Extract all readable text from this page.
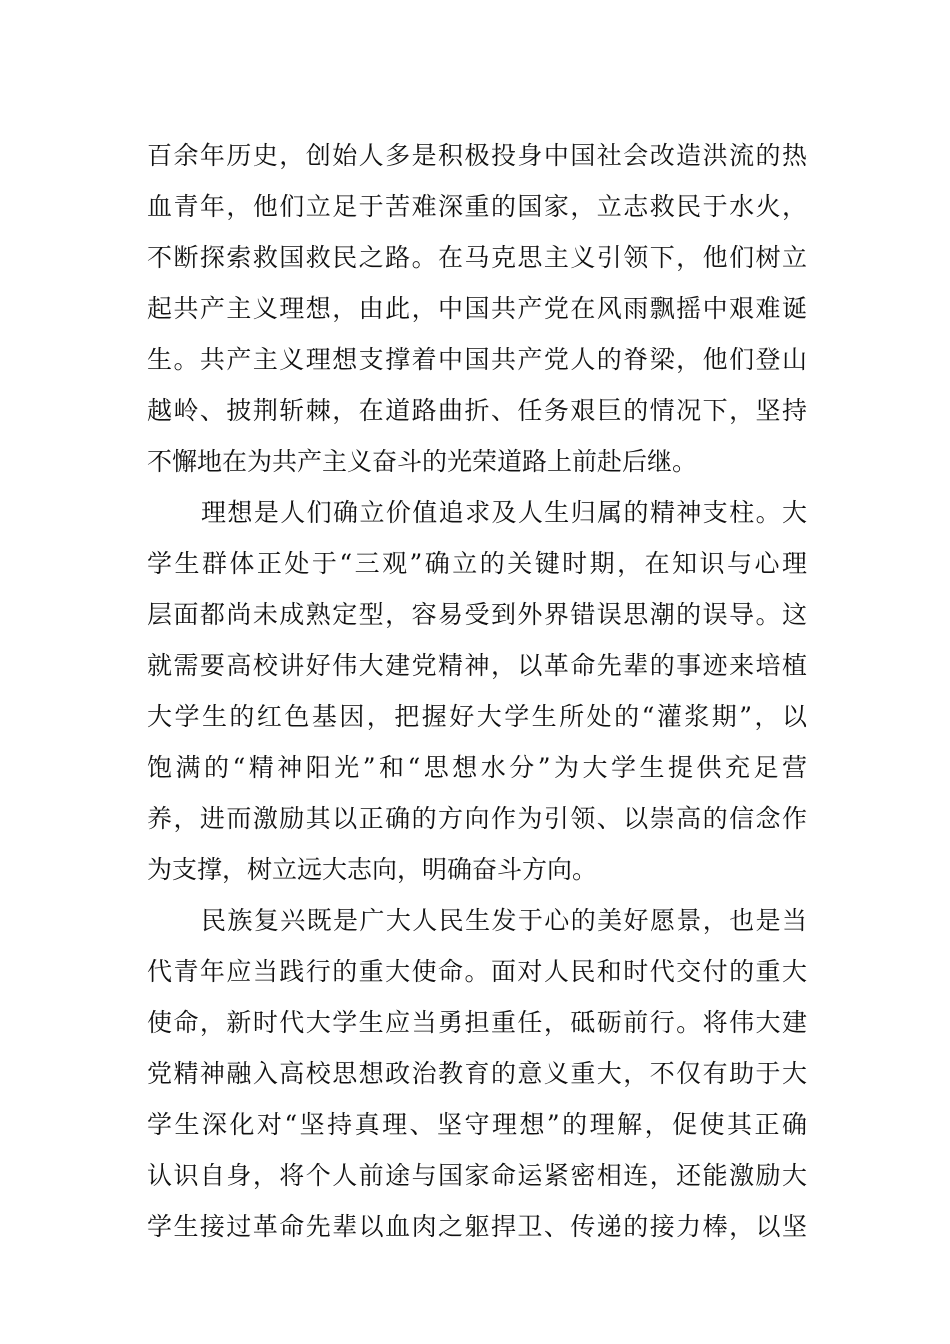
百余年历史，创始人多是积极投身中国社会改造洪流的热
血青年，他们立足于苦难深重的国家，立志救民于水火，
不断探索救国救民之路。在马克思主义引领下，他们树立
起共产主义理想，由此，中国共产党在风雨飘摇中艰难诞
生。共产主义理想支撑着中国共产党人的脊梁，他们登山
越岭、披荆斩棘，在道路曲折、任务艰巨的情况下，坚持
不懈地在为共产主义奋斗的光荣道路上前赴后继。
理想是人们确立价值追求及人生归属的精神支柱。大
学生群体正处于“三观”确立的关键时期，在知识与心理
层面都尚未成熟定型，容易受到外界错误思潮的误导。这
就需要高校讲好伟大建党精神，以革命先辈的事迹来培植
大学生的红色基因，把握好大学生所处的“灌浆期”，以
饱满的“精神阳光”和“思想水分”为大学生提供充足营
养，进而激励其以正确的方向作为引领、以崇高的信念作
为支撑，树立远大志向，明确奋斗方向。
民族复兴既是广大人民生发于心的美好愿景，也是当
代青年应当践行的重大使命。面对人民和时代交付的重大
使命，新时代大学生应当勇担重任，砥砺前行。将伟大建
党精神融入高校思想政治教育的意义重大，不仅有助于大
学生深化对“坚持真理、坚守理想”的理解，促使其正确
认识自身，将个人前途与国家命运紧密相连，还能激励大
学生接过革命先辈以血肉之躯捍卫、传递的接力棒，以坚
